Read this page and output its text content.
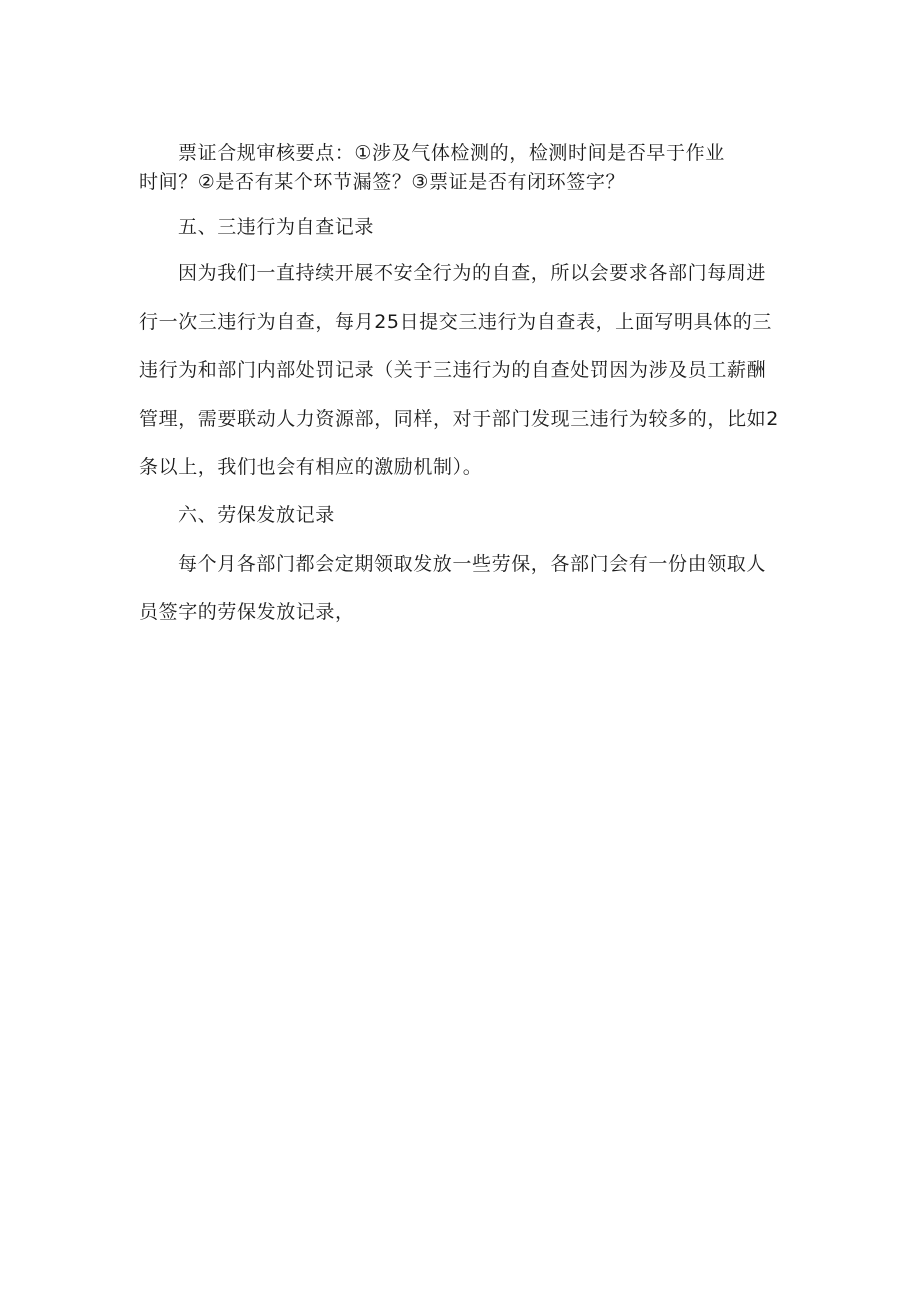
票证合规审核要点：①涉及气体检测的，检测时间是否早于作业
时间？②是否有某个环节漏签？③票证是否有闭环签字？
五、三违行为自查记录
因为我们一直持续开展不安全行为的自查，所以会要求各部门每周进
行一次三违行为自查，每月25日提交三违行为自查表，上面写明具体的三
违行为和部门内部处罚记录（关于三违行为的自查处罚因为涉及员工薪酬
管理，需要联动人力资源部，同样，对于部门发现三违行为较多的，比如2
条以上，我们也会有相应的激励机制）。
六、劳保发放记录
每个月各部门都会定期领取发放一些劳保，各部门会有一份由领取人
员签字的劳保发放记录，
